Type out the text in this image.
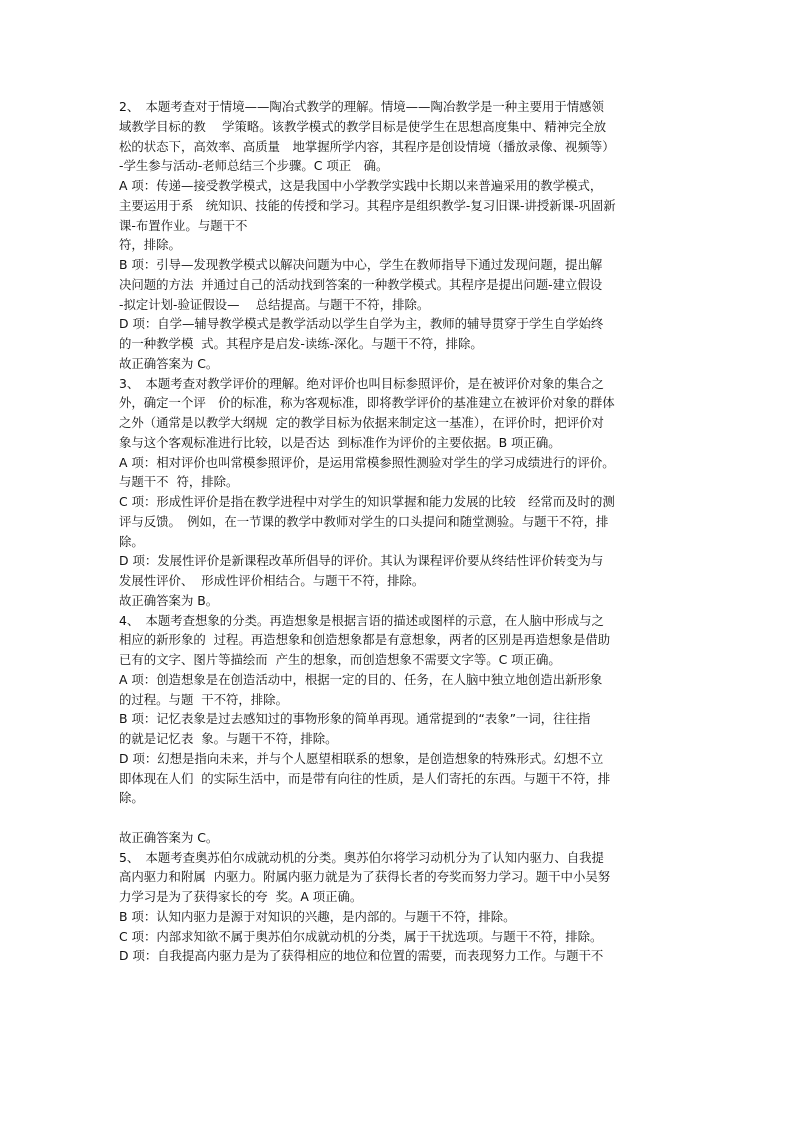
2、　本题考查对于情境——陶冶式教学的理解。情境——陶冶教学是一种主要用于情感领
域教学目标的教　 学策略。该教学模式的教学目标是使学生在思想高度集中、精神完全放
松的状态下，高效率、高质量　地掌握所学内容，其程序是创设情境（播放录像、视频等）
-学生参与活动-老师总结三个步骤。C 项正　确。
A 项：传递—接受教学模式，这是我国中小学教学实践中长期以来普遍采用的教学模式，
主要运用于系　统知识、技能的传授和学习。其程序是组织教学-复习旧课-讲授新课-巩固新
课-布置作业。与题干不
符，排除。
B 项：引导—发现教学模式以解决问题为中心，学生在教师指导下通过发现问题，提出解
决问题的方法  并通过自己的活动找到答案的一种教学模式。其程序是提出问题-建立假设
-拟定计划-验证假设—　 总结提高。与题干不符，排除。
D 项：自学—辅导教学模式是教学活动以学生自学为主，教师的辅导贯穿于学生自学始终
的一种教学模  式。其程序是启发-读练-深化。与题干不符，排除。
故正确答案为 C。
3、　本题考查对教学评价的理解。绝对评价也叫目标参照评价，是在被评价对象的集合之
外，确定一个评　价的标准，称为客观标准，即将教学评价的基准建立在被评价对象的群体
之外（通常是以教学大纲规  定的教学目标为依据来制定这一基准），在评价时，把评价对
象与这个客观标准进行比较，以是否达  到标准作为评价的主要依据。B 项正确。
A 项：相对评价也叫常模参照评价，是运用常模参照性测验对学生的学习成绩进行的评价。
与题干不  符，排除。
C 项：形成性评价是指在教学进程中对学生的知识掌握和能力发展的比较　经常而及时的测
评与反馈。　例如，在一节课的教学中教师对学生的口头提问和随堂测验。与题干不符，排
除。
D 项：发展性评价是新课程改革所倡导的评价。其认为课程评价要从终结性评价转变为与
发展性评价、  形成性评价相结合。与题干不符，排除。
故正确答案为 B。
4、　本题考查想象的分类。再造想象是根据言语的描述或图样的示意，在人脑中形成与之
相应的新形象的  过程。再造想象和创造想象都是有意想象，两者的区别是再造想象是借助
已有的文字、图片等描绘而  产生的想象，而创造想象不需要文字等。C 项正确。
A 项：创造想象是在创造活动中，根据一定的目的、任务，在人脑中独立地创造出新形象
的过程。与题  干不符，排除。
B 项：记忆表象是过去感知过的事物形象的简单再现。通常提到的“表象”一词，往往指
的就是记忆表  象。与题干不符，排除。
D 项：幻想是指向未来，并与个人愿望相联系的想象，是创造想象的特殊形式。幻想不立
即体现在人们  的实际生活中，而是带有向往的性质，是人们寄托的东西。与题干不符，排
除。
故正确答案为 C。
5、　本题考查奥苏伯尔成就动机的分类。奥苏伯尔将学习动机分为了认知内驱力、自我提
高内驱力和附属  内驱力。附属内驱力就是为了获得长者的夸奖而努力学习。题干中小吴努
力学习是为了获得家长的夸  奖。A 项正确。
B 项：认知内驱力是源于对知识的兴趣，是内部的。与题干不符，排除。
C 项：内部求知欲不属于奥苏伯尔成就动机的分类，属于干扰选项。与题干不符，排除。
D 项：自我提高内驱力是为了获得相应的地位和位置的需要，而表现努力工作。与题干不
